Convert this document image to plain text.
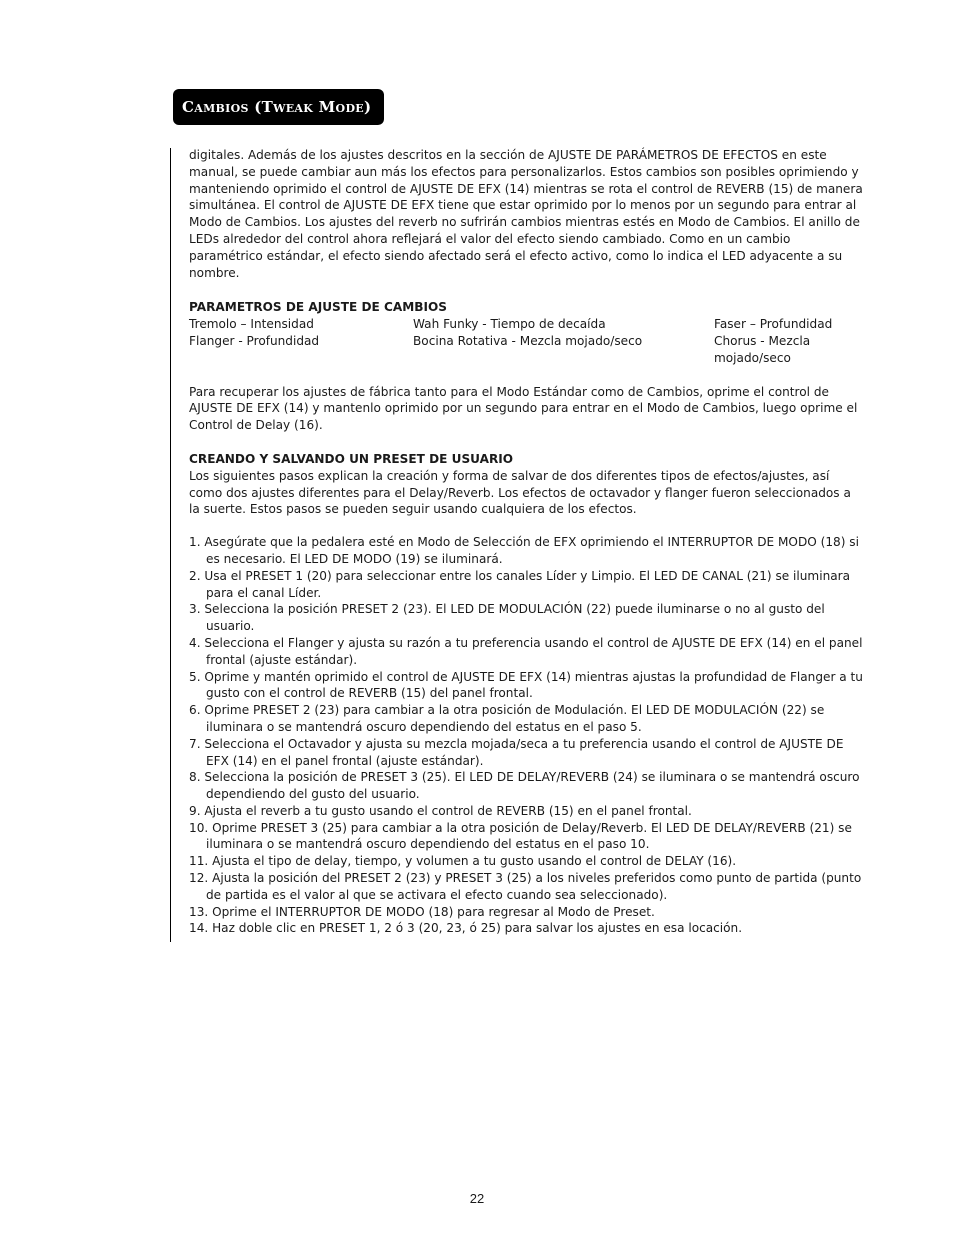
Cambios (Tweak Mode)

digitales. Además de los ajustes descritos en la sección de AJUSTE DE PARÁMETROS DE EFECTOS en este manual, se puede cambiar aun más los efectos para personalizarlos. Estos cambios son posibles oprimiendo y manteniendo oprimido el control de AJUSTE DE EFX (14) mientras se rota el control de REVERB (15) de manera simultánea. El control de AJUSTE DE EFX tiene que estar oprimido por lo menos por un segundo para entrar al Modo de Cambios. Los ajustes del reverb no sufrirán cambios mientras estés en Modo de Cambios. El anillo de LEDs alrededor del control ahora reflejará el valor del efecto siendo cambiado. Como en un cambio paramétrico estándar, el efecto siendo afectado será el efecto activo, como lo indica el LED adyacente a su nombre.

PARAMETROS DE AJUSTE DE CAMBIOS

Tremolo – Intensidad
Flanger - Profundidad
Wah Funky - Tiempo de decaída
Bocina Rotativa - Mezcla mojado/seco
Faser – Profundidad
Chorus - Mezcla mojado/seco

Para recuperar los ajustes de fábrica tanto para el Modo Estándar como de Cambios, oprime el control de AJUSTE DE EFX (14) y mantenlo oprimido por un segundo para entrar en el Modo de Cambios, luego oprime el Control de Delay (16).

CREANDO Y SALVANDO UN PRESET DE USUARIO

Los siguientes pasos explican la creación y forma de salvar de dos diferentes tipos de efectos/ajustes, así como dos ajustes diferentes para el Delay/Reverb. Los efectos de octavador y flanger fueron seleccionados a la suerte. Estos pasos se pueden seguir usando cualquiera de los efectos.

1. Asegúrate que la pedalera esté en Modo de Selección de EFX oprimiendo el INTERRUPTOR DE MODO (18) si es necesario. El LED DE MODO (19) se iluminará.
2. Usa el PRESET 1 (20) para seleccionar entre los canales Líder y Limpio. El LED DE CANAL (21) se iluminara para el canal Líder.
3. Selecciona la posición PRESET 2 (23). El LED DE MODULACIÓN (22) puede iluminarse o no al gusto del usuario.
4. Selecciona el Flanger y ajusta su razón a tu preferencia usando el control de AJUSTE DE EFX (14) en el panel frontal (ajuste estándar).
5. Oprime y mantén oprimido el control de AJUSTE DE EFX (14) mientras ajustas la profundidad de Flanger a tu gusto con el control de REVERB (15) del panel frontal.
6. Oprime PRESET 2 (23) para cambiar a la otra posición de Modulación. El LED DE MODULACIÓN (22) se iluminara o se mantendrá oscuro dependiendo del estatus en el paso 5.
7. Selecciona el Octavador y ajusta su mezcla mojada/seca a tu preferencia usando el control de AJUSTE DE EFX (14) en el panel frontal (ajuste estándar).
8. Selecciona la posición de PRESET 3 (25). El LED DE DELAY/REVERB (24) se iluminara o se mantendrá oscuro dependiendo del gusto del usuario.
9. Ajusta el reverb a tu gusto usando el control de REVERB (15) en el panel frontal.
10. Oprime PRESET 3 (25) para cambiar a la otra posición de Delay/Reverb. El LED DE DELAY/REVERB (21) se iluminara o se mantendrá oscuro dependiendo del estatus en el paso 10.
11. Ajusta el tipo de delay, tiempo, y volumen a tu gusto usando el control de DELAY (16).
12. Ajusta la posición del PRESET 2 (23) y PRESET 3 (25) a los niveles preferidos como punto de partida (punto de partida es el valor al que se activara el efecto cuando sea seleccionado).
13. Oprime el INTERRUPTOR DE MODO (18) para regresar al Modo de Preset.
14. Haz doble clic en PRESET 1, 2 ó 3 (20, 23, ó 25) para salvar los ajustes en esa locación.
22
